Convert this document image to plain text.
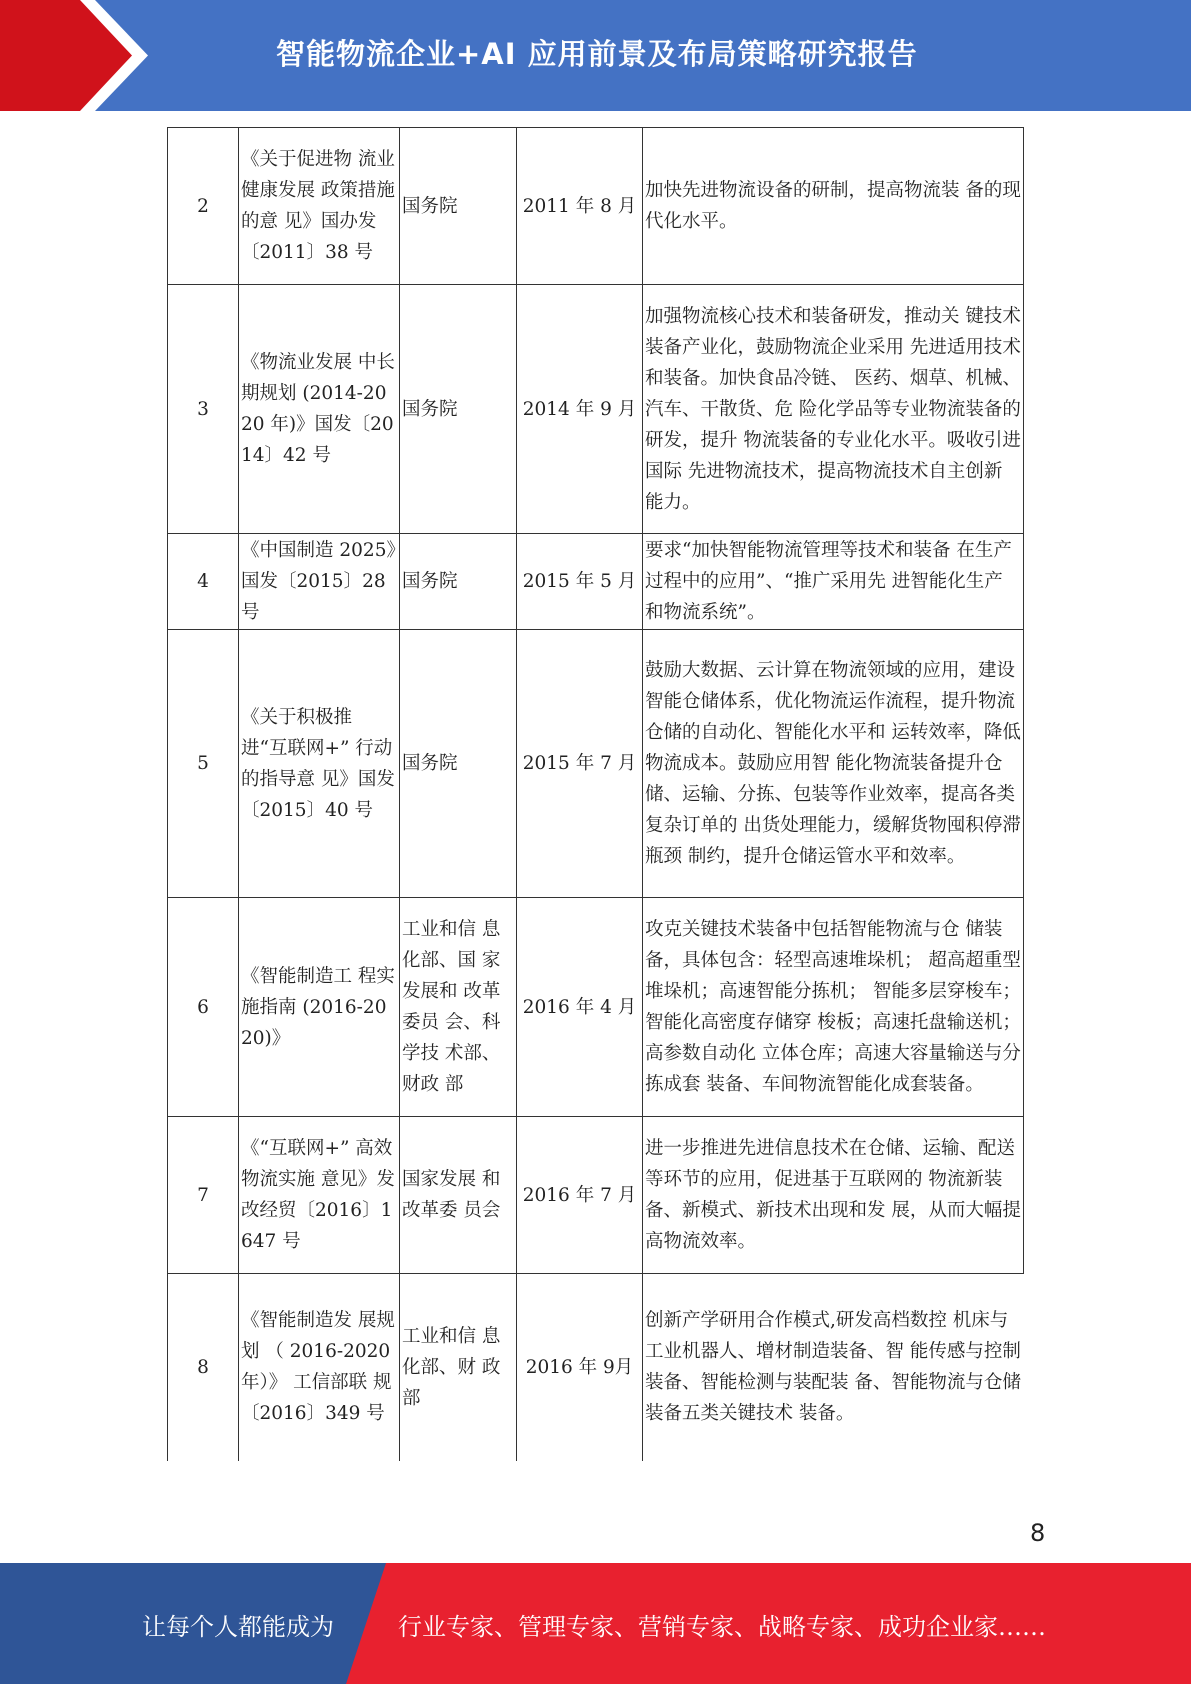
智能物流企业+AI 应用前景及布局策略研究报告
2	《关于促进物 流业健康发展 政策措施的意 见》国办发〔2011〕38 号	国务院	2011 年 8 月	加快先进物流设备的研制，提高物流装 备的现代化水平。
3	《物流业发展 中长期规划 (2014-2020 年)》国发〔2014〕42 号	国务院	2014 年 9 月	加强物流核心技术和装备研发，推动关 键技术装备产业化，鼓励物流企业采用 先进适用技术和装备。加快食品冷链、 医药、烟草、机械、汽车、干散货、危 险化学品等专业物流装备的研发，提升 物流装备的专业化水平。吸收引进国际 先进物流技术，提高物流技术自主创新 能力。
4	《中国制造 2025》国发〔2015〕28 号	国务院	2015 年 5 月	要求“加快智能物流管理等技术和装备 在生产过程中的应用”、“推广采用先 进智能化生产和物流系统”。
5	《关于积极推 进“互联网+” 行动的指导意 见》国发〔2015〕40 号	国务院	2015 年 7 月	鼓励大数据、云计算在物流领域的应用，建设智能仓储体系，优化物流运作流程，提升物流仓储的自动化、智能化水平和 运转效率，降低物流成本。鼓励应用智 能化物流装备提升仓储、运输、分拣、包装等作业效率，提高各类复杂订单的 出货处理能力，缓解货物囤积停滞瓶颈 制约，提升仓储运管水平和效率。
6	《智能制造工 程实施指南 (2016-2020)》	工业和信 息化部、国 家发展和 改革委员 会、科学技 术部、财政 部	2016 年 4 月	攻克关键技术装备中包括智能物流与仓 储装备，具体包含：轻型高速堆垛机； 超高超重型堆垛机；高速智能分拣机； 智能多层穿梭车；智能化高密度存储穿 梭板；高速托盘输送机；高参数自动化 立体仓库；高速大容量输送与分拣成套 装备、车间物流智能化成套装备。
7	《“互联网+” 高效物流实施 意见》发改经贸〔2016〕1647 号	国家发展 和改革委 员会	2016 年 7 月	进一步推进先进信息技术在仓储、运输、配送等环节的应用，促进基于互联网的 物流新装备、新模式、新技术出现和发 展，从而大幅提高物流效率。
8	《智能制造发 展规 划 （ 2016-2020 年）》 工信部联 规〔2016〕349 号	工业和信 息化部、财 政部	2016 年 9月	创新产学研用合作模式,研发高档数控 机床与工业机器人、增材制造装备、智 能传感与控制装备、智能检测与装配装 备、智能物流与仓储装备五类关键技术 装备。
8
让每个人都能成为	行业专家、管理专家、营销专家、战略专家、成功企业家……
